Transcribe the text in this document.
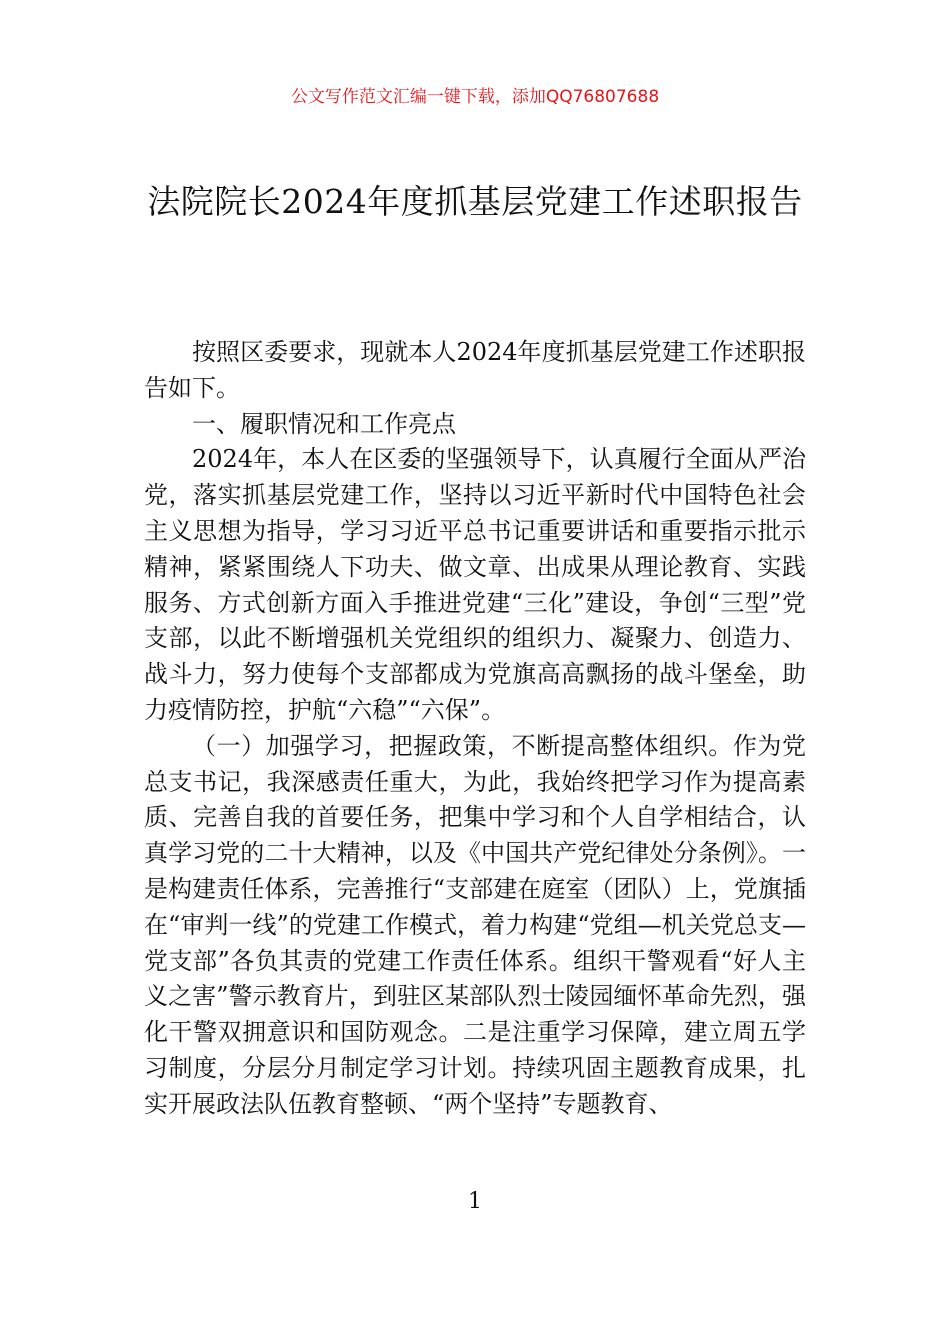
公文写作范文汇编一键下载，添加QQ76807688
法院院长2024年度抓基层党建工作述职报告

按照区委要求，现就本人2024年度抓基层党建工作述职报告如下。

一、履职情况和工作亮点

2024年，本人在区委的坚强领导下，认真履行全面从严治党，落实抓基层党建工作，坚持以习近平新时代中国特色社会主义思想为指导，学习习近平总书记重要讲话和重要指示批示精神，紧紧围绕人下功夫、做文章、出成果从理论教育、实践服务、方式创新方面入手推进党建“三化”建设，争创“三型”党支部，以此不断增强机关党组织的组织力、凝聚力、创造力、战斗力，努力使每个支部都成为党旗高高飘扬的战斗堡垒，助力疫情防控，护航“六稳”“六保”。

（一）加强学习，把握政策，不断提高整体组织。作为党总支书记，我深感责任重大，为此，我始终把学习作为提高素质、完善自我的首要任务，把集中学习和个人自学相结合，认真学习党的二十大精神，以及《中国共产党纪律处分条例》。一是构建责任体系，完善推行“支部建在庭室（团队）上，党旗插在“审判一线”的党建工作模式，着力构建“党组—机关党总支—党支部”各负其责的党建工作责任体系。组织干警观看“好人主义之害”警示教育片，到驻区某部队烈士陵园缅怀革命先烈，强化干警双拥意识和国防观念。二是注重学习保障，建立周五学习制度，分层分月制定学习计划。持续巩固主题教育成果，扎实开展政法队伍教育整顿、“两个坚持”专题教育、

1
